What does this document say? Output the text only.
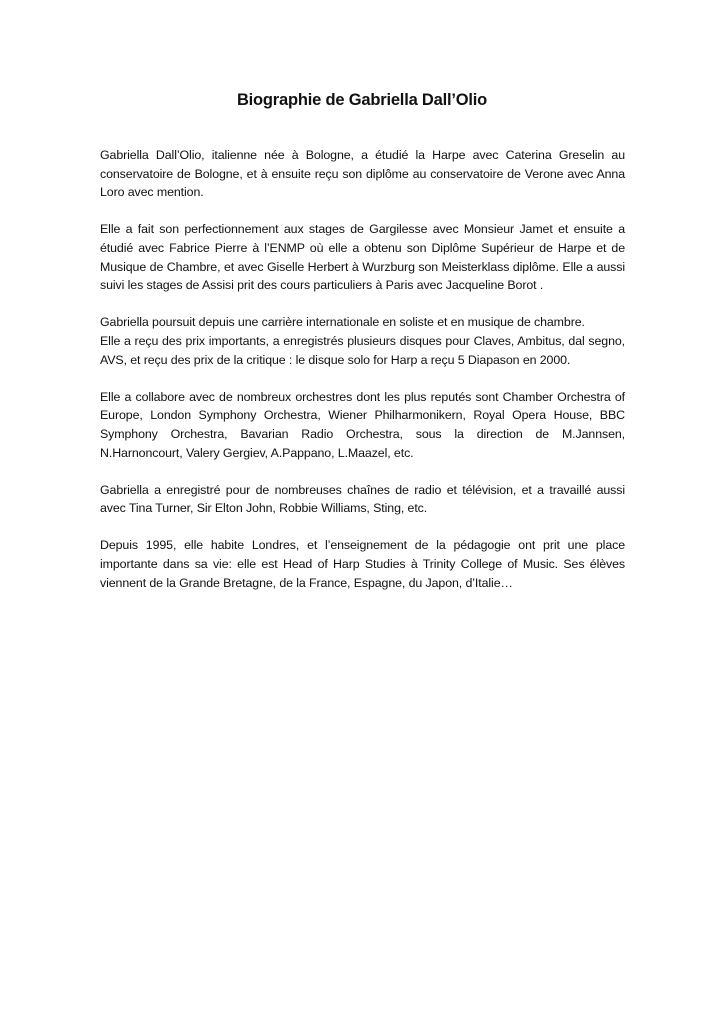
Biographie de Gabriella Dall’Olio

Gabriella Dall’Olio, italienne née à Bologne, a étudié la Harpe avec Caterina Greselin au conservatoire de Bologne, et à ensuite reçu son diplôme au conservatoire de Verone avec Anna Loro avec mention.

Elle a fait son perfectionnement aux stages de Gargilesse avec Monsieur Jamet et ensuite a étudié avec Fabrice Pierre à l’ENMP où elle a obtenu son Diplôme Supérieur de Harpe et de Musique de Chambre, et avec Giselle Herbert à Wurzburg son Meisterklass diplôme. Elle a aussi suivi les stages de Assisi prit des cours particuliers à Paris avec Jacqueline Borot .

Gabriella poursuit depuis une carrière internationale en soliste et en musique de chambre.
Elle a reçu des prix importants, a enregistrés plusieurs disques pour Claves, Ambitus, dal segno, AVS, et reçu des prix de la critique : le disque solo for Harp a reçu 5 Diapason en 2000.

Elle a collabore avec de nombreux orchestres dont les plus reputés sont Chamber Orchestra of Europe, London Symphony Orchestra, Wiener Philharmonikern, Royal Opera House, BBC Symphony Orchestra, Bavarian Radio Orchestra, sous la direction de M.Jannsen, N.Harnoncourt, Valery Gergiev, A.Pappano, L.Maazel, etc.

Gabriella a enregistré pour de nombreuses chaînes de radio et télévision, et a travaillé aussi avec Tina Turner, Sir Elton John, Robbie Williams, Sting, etc.

Depuis 1995, elle habite Londres, et l’enseignement de la pédagogie ont prit une place importante dans sa vie: elle est Head of Harp Studies à Trinity College of Music. Ses élèves viennent de la Grande Bretagne, de la France, Espagne, du Japon, d’Italie…
